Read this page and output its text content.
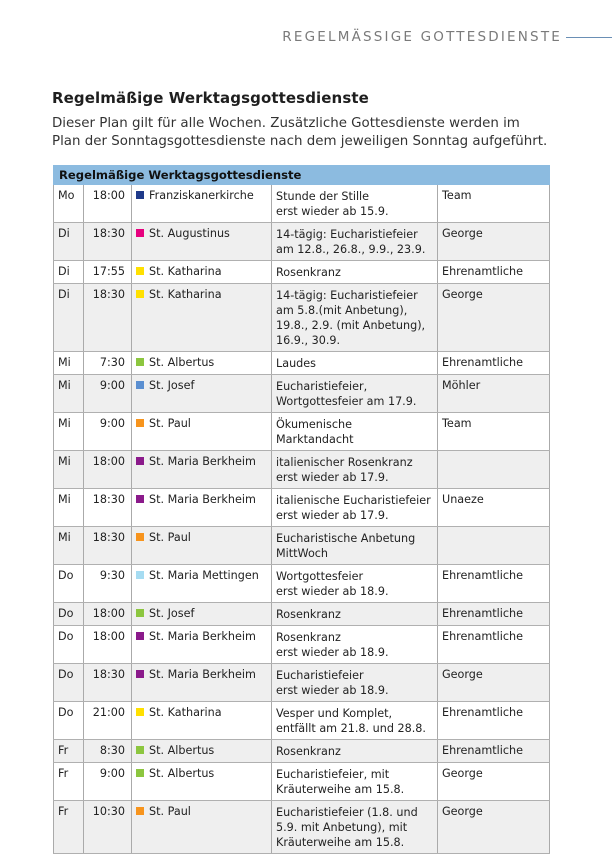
REGELMÄSSIGE GOTTESDIENSTE
Regelmäßige Werktagsgottesdienste

Dieser Plan gilt für alle Wochen. Zusätzliche Gottesdienste werden im Plan der Sonntagsgottesdienste nach dem jeweiligen Sonntag aufgeführt.

Regelmäßige Werktagsgottesdienste				
Mo	18:00	Franziskanerkirche	Stunde der Stille
erst wieder ab 15.9.	Team
Di	18:30	St. Augustinus	14-tägig: Eucharistiefeier
am 12.8., 26.8., 9.9., 23.9.	George
Di	17:55	St. Katharina	Rosenkranz	Ehrenamtliche
Di	18:30	St. Katharina	14-tägig: Eucharistiefeier
am 5.8.(mit Anbetung),
19.8., 2.9. (mit Anbetung),
16.9., 30.9.	George
Mi	7:30	St. Albertus	Laudes	Ehrenamtliche
Mi	9:00	St. Josef	Eucharistiefeier,
Wortgottesfeier am 17.9.	Möhler
Mi	9:00	St. Paul	Ökumenische Marktandacht	Team
Mi	18:00	St. Maria Berkheim	italienischer Rosenkranz
erst wieder ab 17.9.	

Mi	18:30	St. Maria Berkheim	italienische Eucharistiefeier
erst wieder ab 17.9.	Unaeze
Mi	18:30	St. Paul	Eucharistische Anbetung
MittWoch	

Do	9:30	St. Maria Mettingen	Wortgottesfeier
erst wieder ab 18.9.	Ehrenamtliche
Do	18:00	St. Josef	Rosenkranz	Ehrenamtliche
Do	18:00	St. Maria Berkheim	Rosenkranz
erst wieder ab 18.9.	Ehrenamtliche
Do	18:30	St. Maria Berkheim	Eucharistiefeier
erst wieder ab 18.9.	George
Do	21:00	St. Katharina	Vesper und Komplet,
entfällt am 21.8. und 28.8.	Ehrenamtliche
Fr	8:30	St. Albertus	Rosenkranz	Ehrenamtliche
Fr	9:00	St. Albertus	Eucharistiefeier, mit
Kräuterweihe am 15.8.	George
Fr	10:30	St. Paul	Eucharistiefeier (1.8. und
5.9. mit Anbetung), mit
Kräuterweihe am 15.8.	George
